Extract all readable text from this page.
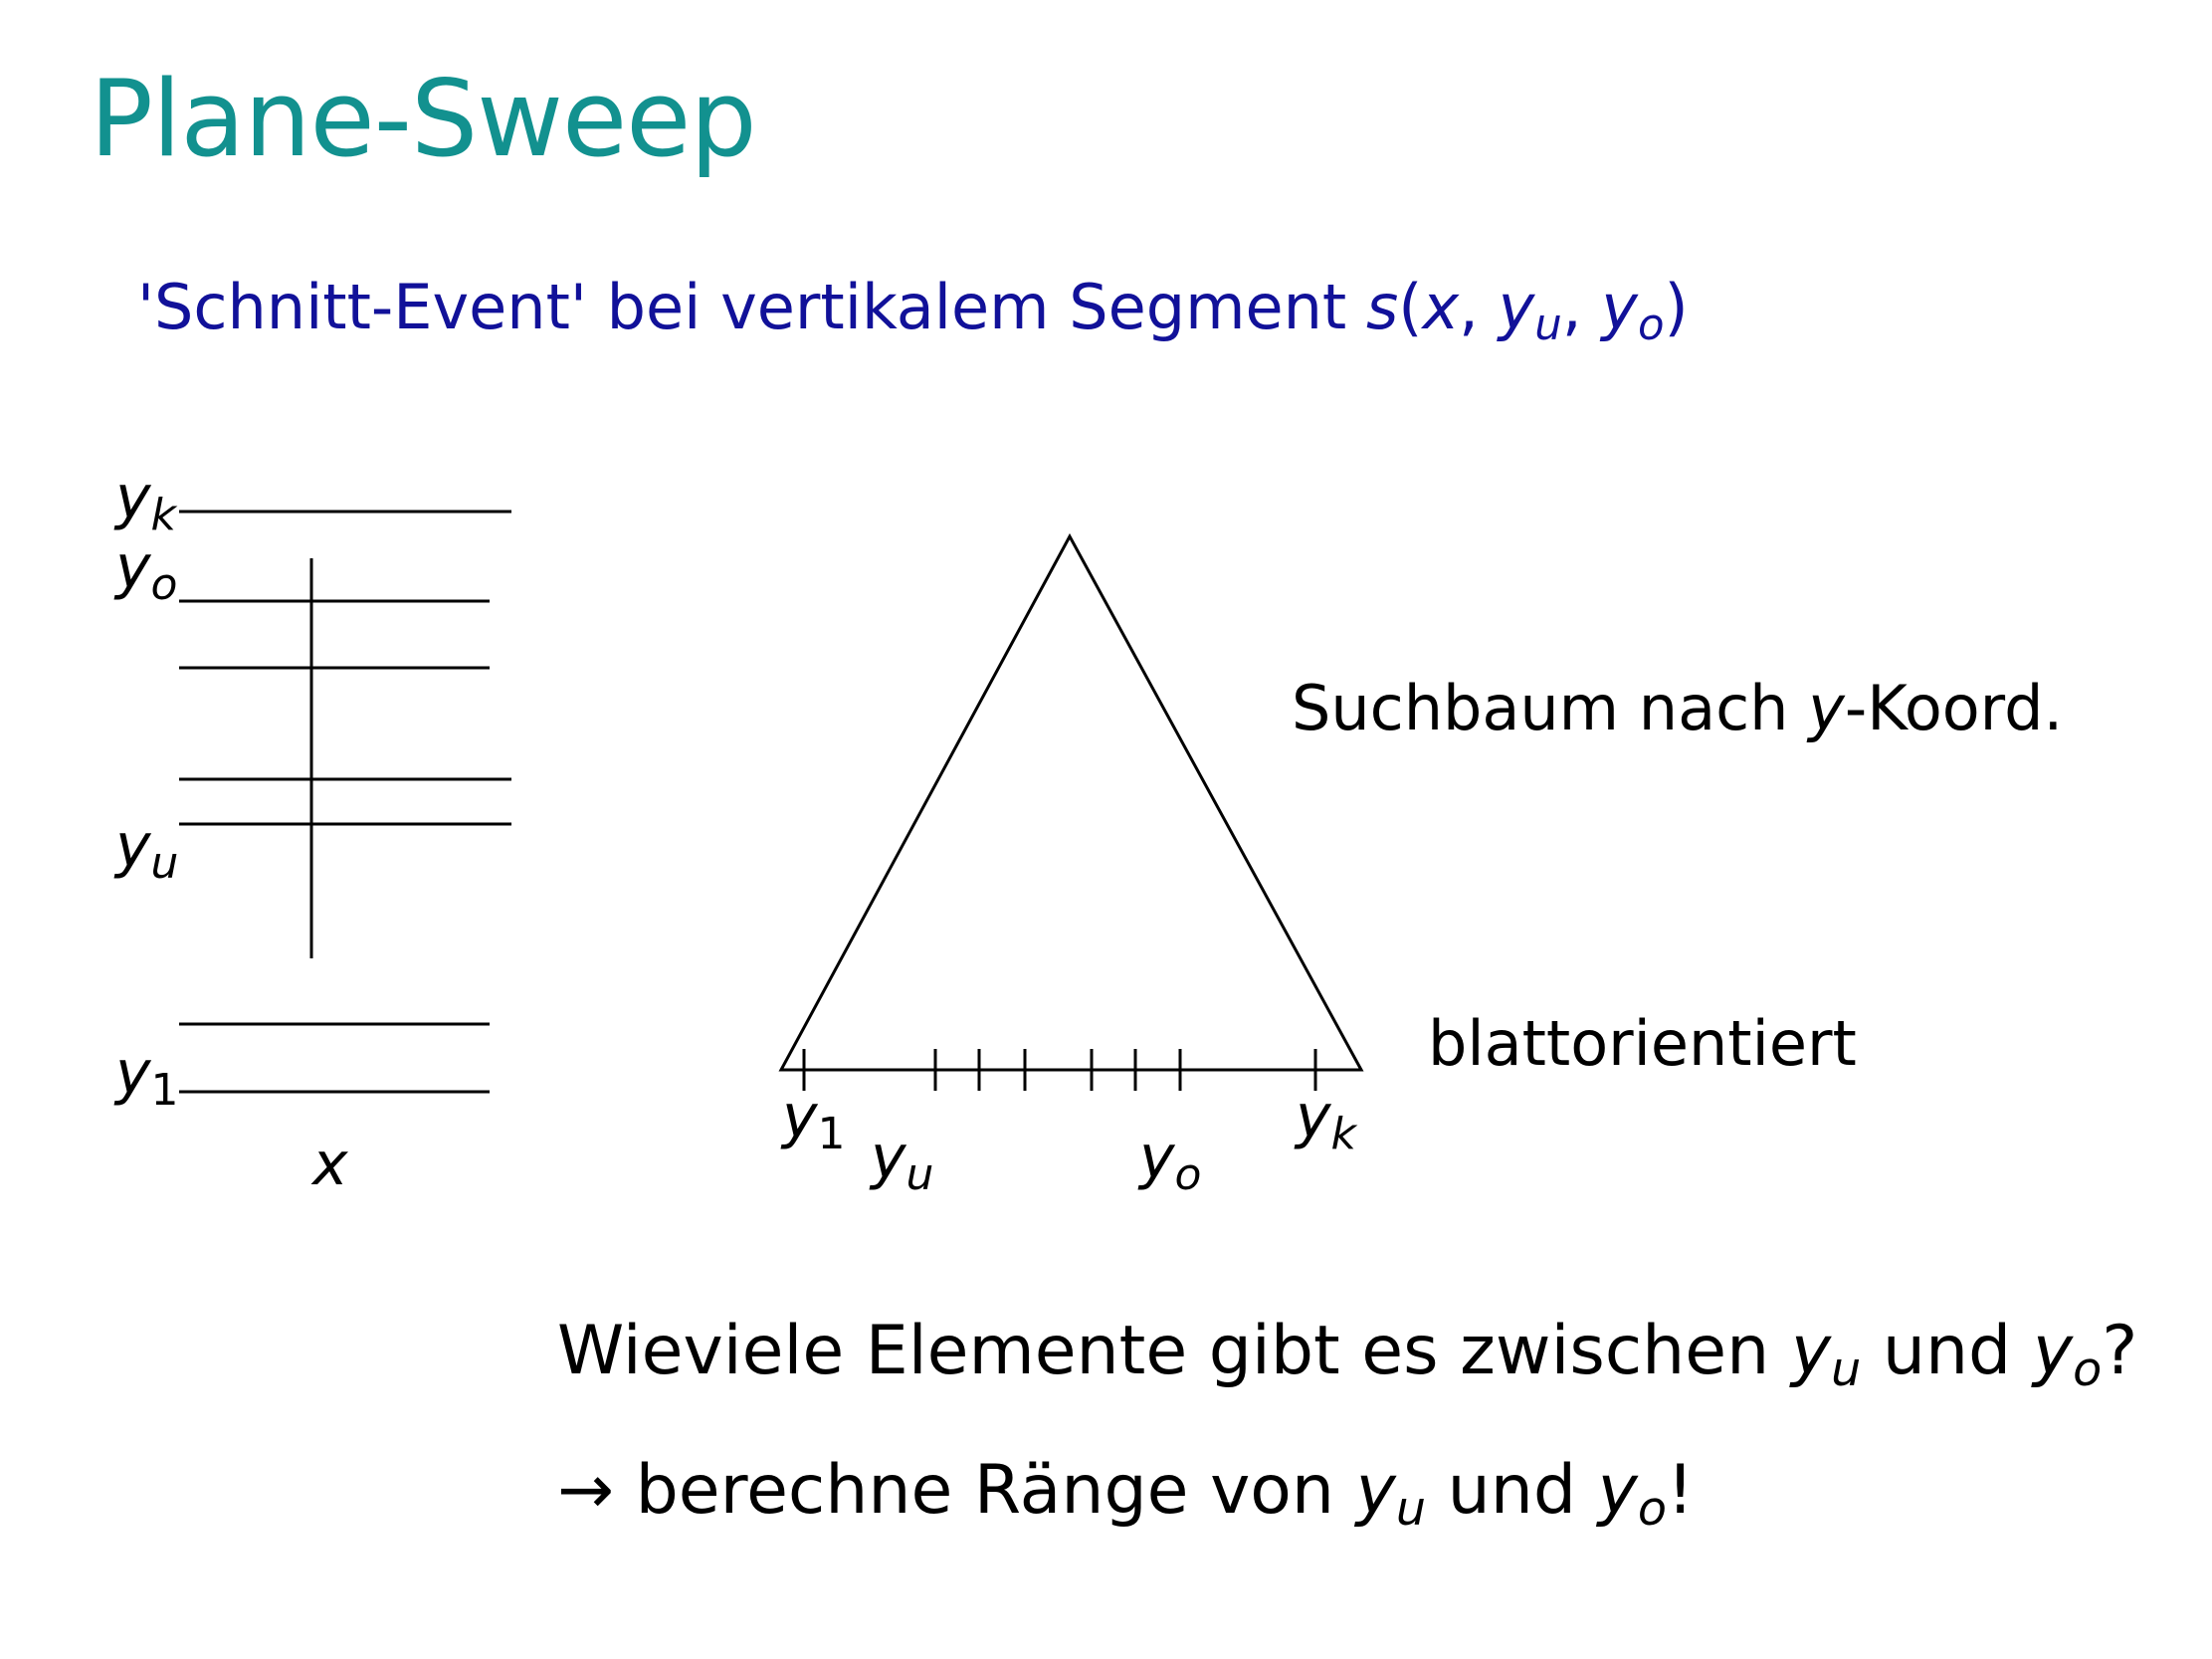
Plane-Sweep
'Schnitt-Event' bei vertikalem Segment s(x, $y_u$, $y_o$)
$y_k$
$y_o$
$y_u$
$y_1$
x
$y_1$ $y_u$	$y_o$
$y_k$
Suchbaum nach y-Koord.
blattorientiert
Wieviele Elemente gibt es zwischen $y_u$ und $y_o$?
→ berechne Ränge von $y_u$ und $y_o$!
